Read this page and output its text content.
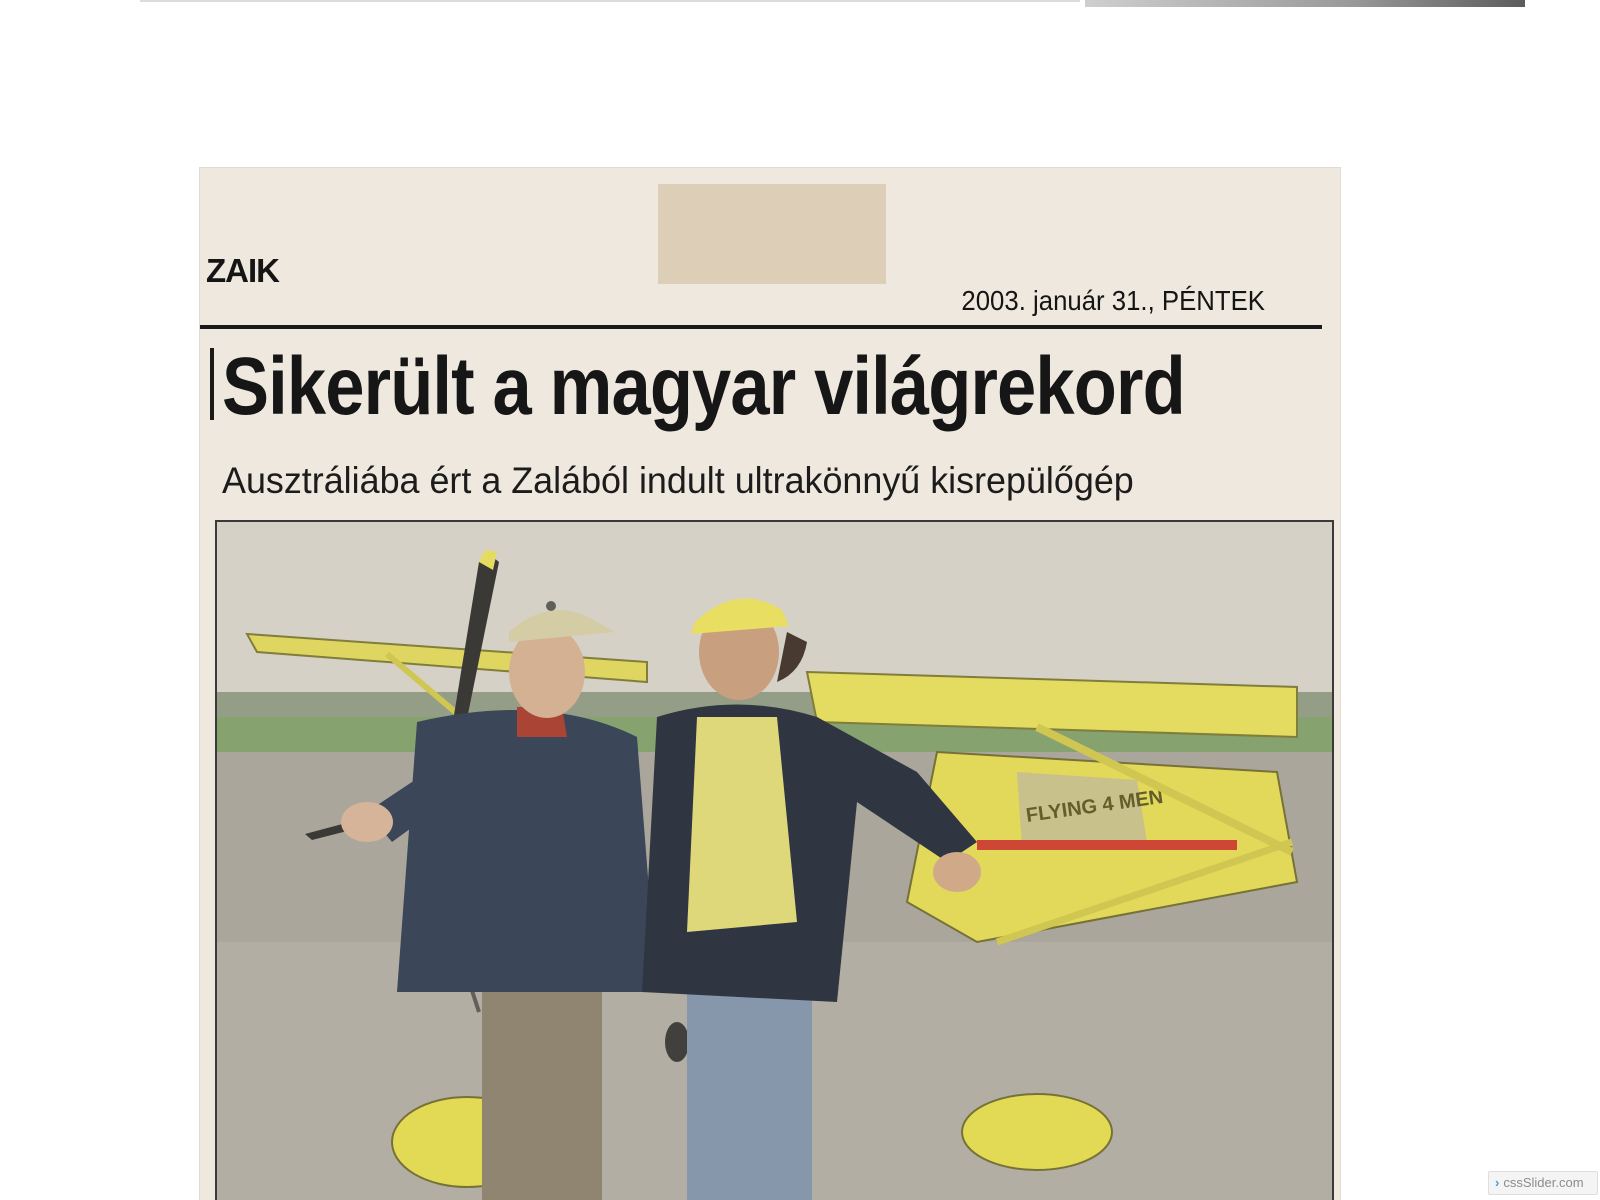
ZAIK
2003. január 31., PÉNTEK
Sikerült a magyar világrekord
Ausztráliába ért a Zalából indult ultrakönnyű kisrepülőgép
FLYING 4 MEN
› cssSlider.com
